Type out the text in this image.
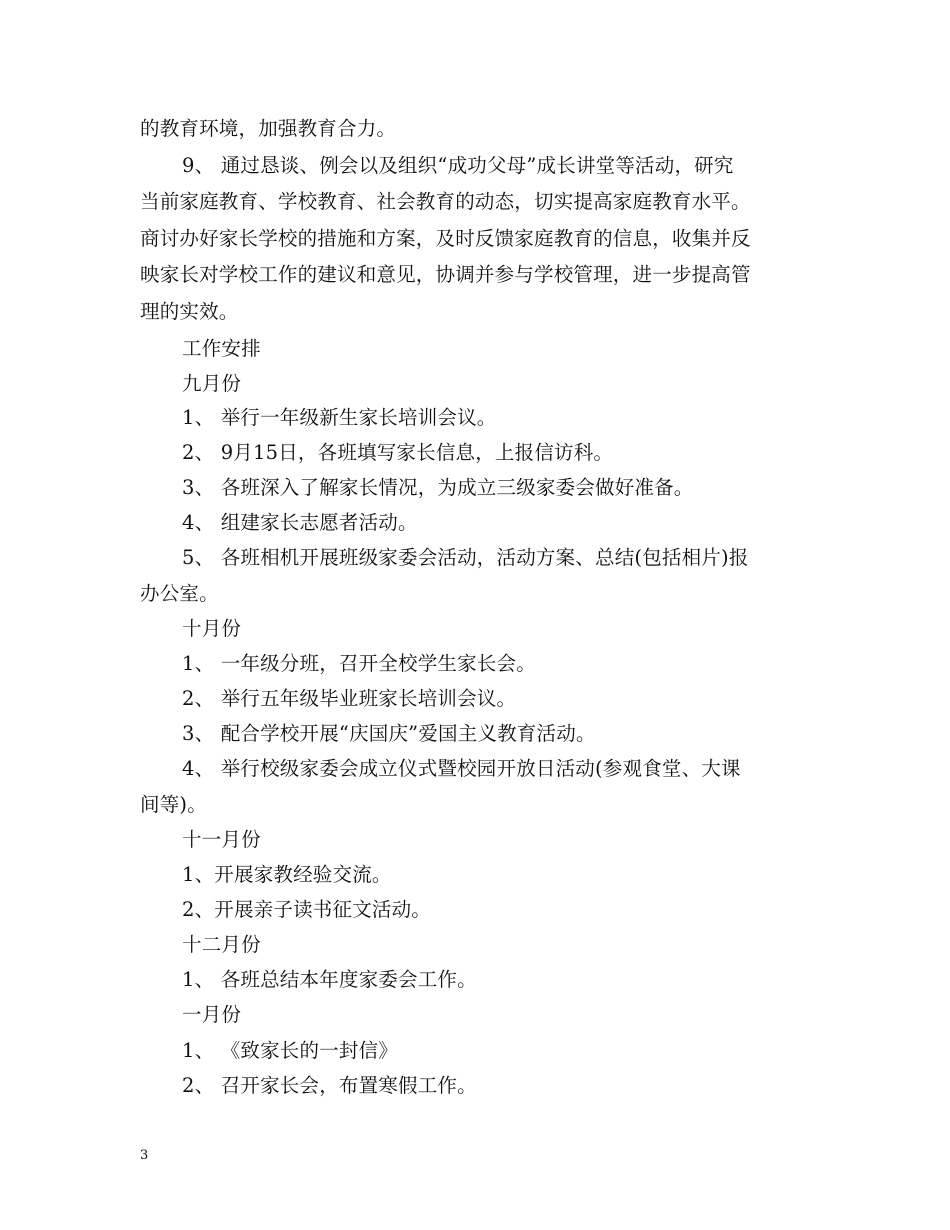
的教育环境，加强教育合力。
9、 通过恳谈、例会以及组织“成功父母”成长讲堂等活动，研究
当前家庭教育、学校教育、社会教育的动态，切实提高家庭教育水平。
商讨办好家长学校的措施和方案，及时反馈家庭教育的信息，收集并反
映家长对学校工作的建议和意见，协调并参与学校管理，进一步提高管
理的实效。
工作安排
九月份
1、 举行一年级新生家长培训会议。
2、 9月15日，各班填写家长信息，上报信访科。
3、 各班深入了解家长情况，为成立三级家委会做好准备。
4、 组建家长志愿者活动。
5、 各班相机开展班级家委会活动，活动方案、总结(包括相片)报
办公室。
十月份
1、 一年级分班，召开全校学生家长会。
2、 举行五年级毕业班家长培训会议。
3、 配合学校开展“庆国庆”爱国主义教育活动。
4、 举行校级家委会成立仪式暨校园开放日活动(参观食堂、大课
间等)。
十一月份
1、开展家教经验交流。
2、开展亲子读书征文活动。
十二月份
1、 各班总结本年度家委会工作。
一月份
1、 《致家长的一封信》
2、 召开家长会，布置寒假工作。
3
